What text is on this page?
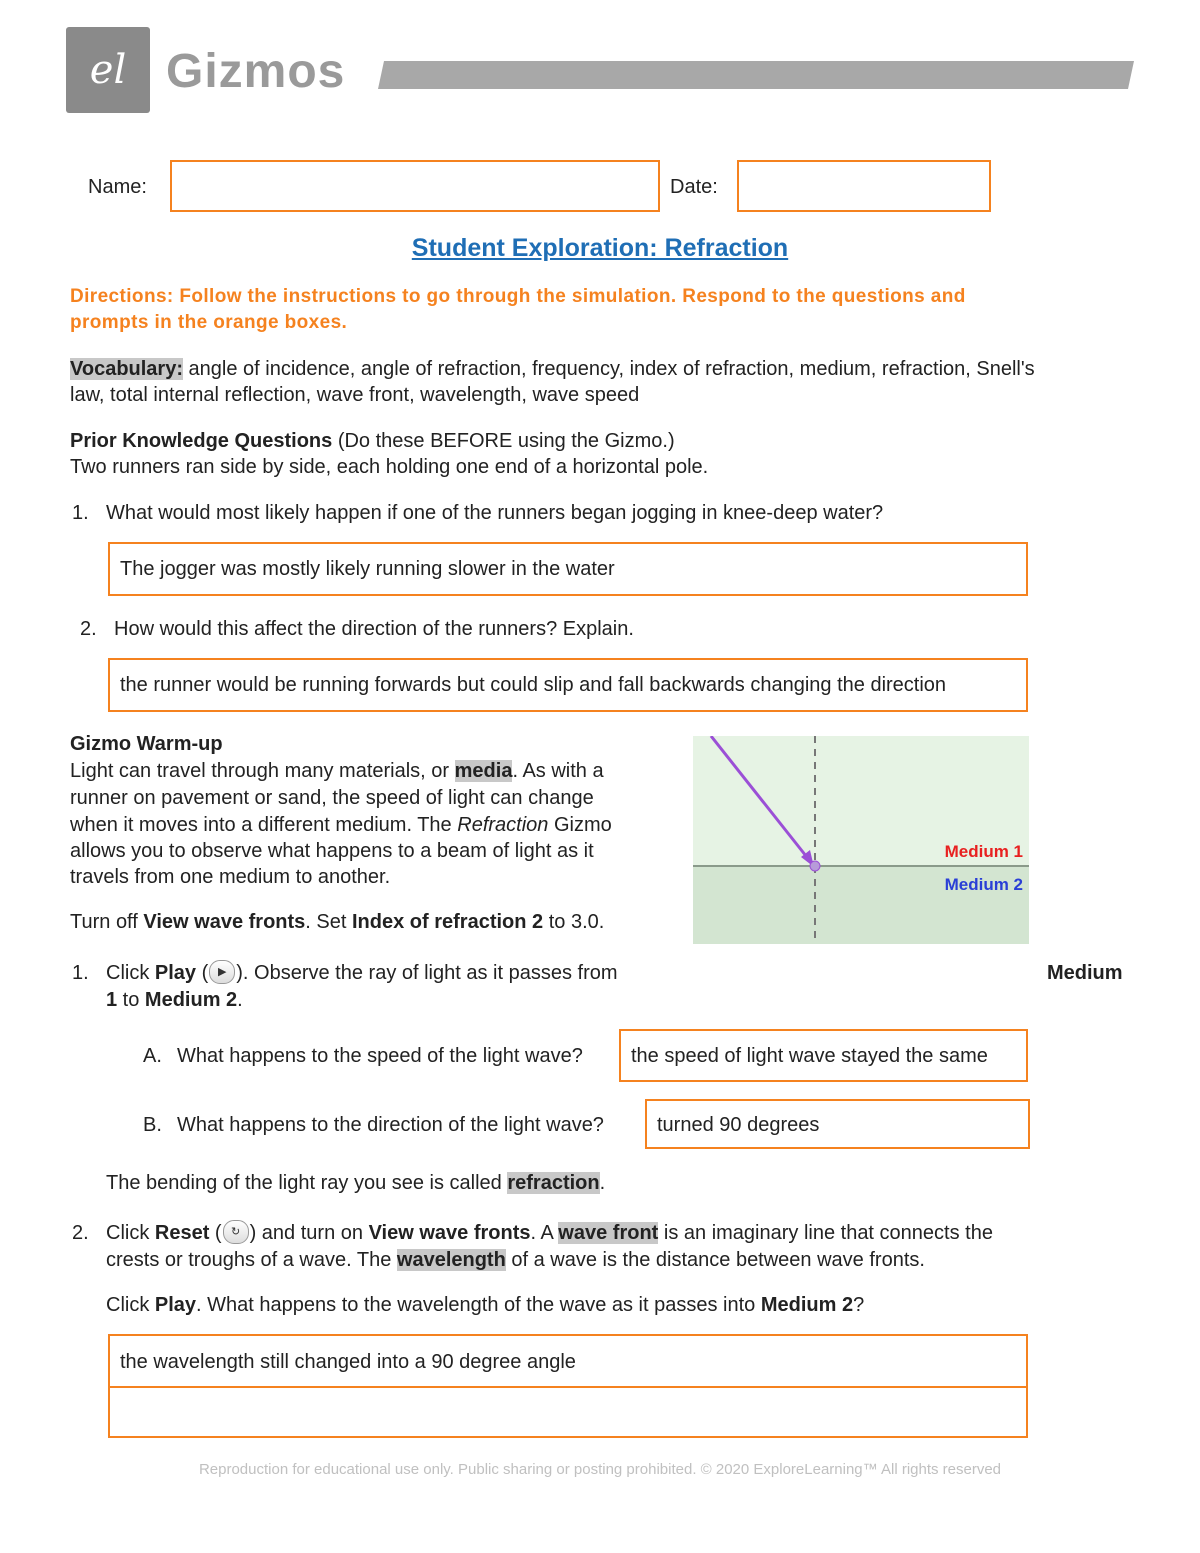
el Gizmos
Name:	Date:
Student Exploration: Refraction
Directions: Follow the instructions to go through the simulation. Respond to the questions and
prompts in the orange boxes.
Vocabulary: angle of incidence, angle of refraction, frequency, index of refraction, medium, refraction, Snell's
law, total internal reflection, wave front, wavelength, wave speed
Prior Knowledge Questions (Do these BEFORE using the Gizmo.)
Two runners ran side by side, each holding one end of a horizontal pole.
1. What would most likely happen if one of the runners began jogging in knee-deep water?
The jogger was mostly likely running slower in the water
2. How would this affect the direction of the runners? Explain.
the runner would be running forwards but could slip and fall backwards changing the direction
Gizmo Warm-up
Light can travel through many materials, or media. As with a
runner on pavement or sand, the speed of light can change
when it moves into a different medium. The Refraction Gizmo
allows you to observe what happens to a beam of light as it
travels from one medium to another.
Turn off View wave fronts. Set Index of refraction 2 to 3.0.
Medium 1
Medium 2
1. Click Play ( ▶ ). Observe the ray of light as it passes from	Medium
1 to Medium 2.
A. What happens to the speed of the light wave?	the speed of light wave stayed the same
B. What happens to the direction of the light wave?	turned 90 degrees
The bending of the light ray you see is called refraction.
2. Click Reset ( ↻ ) and turn on View wave fronts. A wave front is an imaginary line that connects the
crests or troughs of a wave. The wavelength of a wave is the distance between wave fronts.
Click Play. What happens to the wavelength of the wave as it passes into Medium 2?
the wavelength still changed into a 90 degree angle
Reproduction for educational use only. Public sharing or posting prohibited. © 2020 ExploreLearning™ All rights reserved
